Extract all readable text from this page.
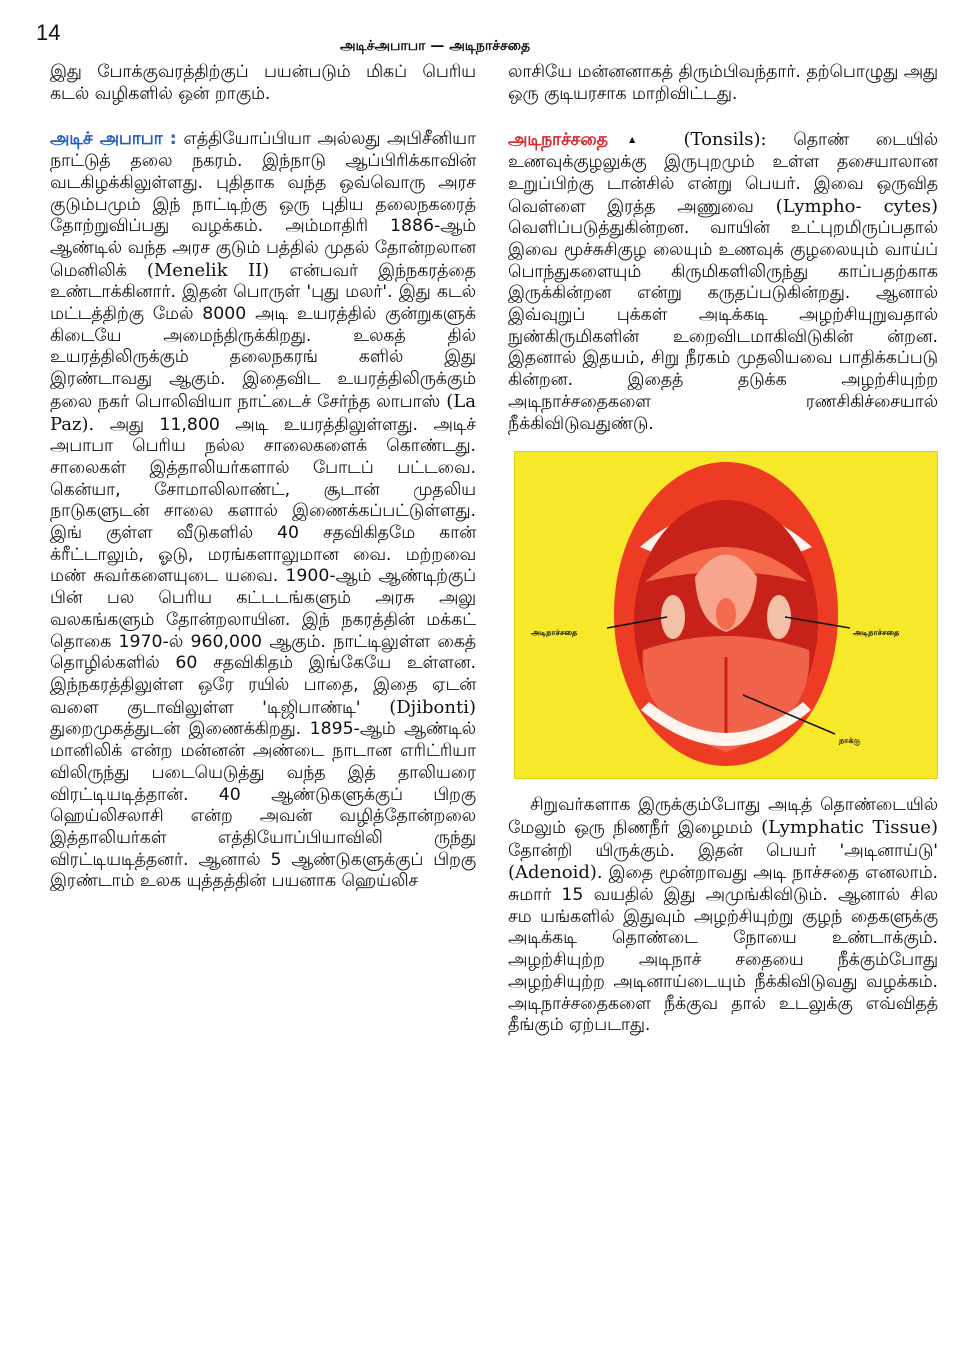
14
அடிச்அபாபா — அடிநாச்சதை

இது போக்குவரத்திற்குப் பயன்படும் மிகப் பெரிய கடல் வழிகளில் ஒன் றாகும்.

அடிச் அபாபா : எத்தியோப்பியா அல்லது அபிசீனியா நாட்டுத் தலை நகரம். இந்நாடு ஆப்பிரிக்காவின் வடகிழக்கிலுள்ளது. புதிதாக வந்த ஒவ்வொரு அரச குடும்பமும் இந் நாட்டிற்கு ஒரு புதிய தலைநகரைத் தோற்றுவிப்பது வழக்கம். அம்மாதிரி 1886-ஆம் ஆண்டில் வந்த அரச குடும் பத்தில் முதல் தோன்றலான மெனிலிக் (Menelik II) என்பவர் இந்நகரத்தை உண்டாக்கினார். இதன் பொருள் 'புது மலர்'. இது கடல் மட்டத்திற்கு மேல் 8000 அடி உயரத்தில் குன்றுகளுக் கிடையே அமைந்திருக்கிறது. உலகத் தில் உயரத்திலிருக்கும் தலைநகரங் களில் இது இரண்டாவது ஆகும். இதைவிட உயரத்திலிருக்கும் தலை நகர் பொலிவியா நாட்டைச் சேர்ந்த லாபாஸ் (La Paz). அது 11,800 அடி உயரத்திலுள்ளது. அடிச் அபாபா பெரிய நல்ல சாலைகளைக் கொண்டது. சாலைகள் இத்தாலியர்களால் போடப் பட்டவை. கென்யா, சோமாலிலாண்ட், சூடான் முதலிய நாடுகளுடன் சாலை களால் இணைக்கப்பட்டுள்ளது. இங் குள்ள வீடுகளில் 40 சதவிகிதமே கான் க்ரீட்டாலும், ஓடு, மரங்களாலுமான வை. மற்றவை மண் சுவர்களையுடை யவை. 1900-ஆம் ஆண்டிற்குப் பின் பல பெரிய கட்டடங்களும் அரசு அலு வலகங்களும் தோன்றலாயின. இந் நகரத்தின் மக்கட் தொகை 1970-ல் 960,000 ஆகும். நாட்டிலுள்ள கைத் தொழில்களில் 60 சதவிகிதம் இங்கேயே உள்ளன. இந்நகரத்திலுள்ள ஒரே ரயில் பாதை, இதை ஏடன் வளை குடாவிலுள்ள 'டிஜிபாண்டி' (Djibonti) துறைமுகத்துடன் இணைக்கிறது. 1895-ஆம் ஆண்டில் மானிலிக் என்ற மன்னன் அண்டை நாடான எரிட்ரியா விலிருந்து படையெடுத்து வந்த இத் தாலியரை விரட்டியடித்தான். 40 ஆண்டுகளுக்குப் பிறகு ஹெய்லிசலாசி என்ற அவன் வழித்தோன்றலை இத்தாலியர்கள் எத்தியோப்பியாவிலி ருந்து விரட்டியடித்தனர். ஆனால் 5 ஆண்டுகளுக்குப் பிறகு இரண்டாம் உலக யுத்தத்தின் பயனாக ஹெய்லிச

லாசியே மன்னனாகத் திரும்பிவந்தார். தற்பொழுது அது ஒரு குடியரசாக மாறிவிட்டது.

அடிநாச்சதை▲ (Tonsils): தொண் டையில் உணவுக்குழலுக்கு இருபுறமும் உள்ள தசையாலான உறுப்பிற்கு டான்சில் என்று பெயர். இவை ஒருவித வெள்ளை இரத்த அணுவை (Lympho- cytes) வெளிப்படுத்துகின்றன. வாயின் உட்புறமிருப்பதால் இவை மூச்சுசிகுழ லையும் உணவுக் குழலையும் வாய்ப் பொந்துகளையும் கிருமிகளிலிருந்து காப்பதற்காக இருக்கின்றன என்று கருதப்படுகின்றது. ஆனால் இவ்வுறுப் புக்கள் அடிக்கடி அழற்சியுறுவதால் நுண்கிருமிகளின் உறைவிடமாகிவிடுகின் ன்றன. இதனால் இதயம், சிறு நீரகம் முதலியவை பாதிக்கப்படு கின்றன. இதைத் தடுக்க அழற்சியுற்ற அடிநாச்சதைகளை ரணசிகிச்சையால் நீக்கிவிடுவதுண்டு.

அடிநாச்சதை	அடிநாச்சதை
நாக்கு

சிறுவர்களாக இருக்கும்போது அடித் தொண்டையில் மேலும் ஒரு நிணநீர் இழைமம் (Lymphatic Tissue) தோன்றி யிருக்கும். இதன் பெயர் 'அடினாய்டு' (Adenoid). இதை மூன்றாவது அடி நாச்சதை எனலாம். சுமார் 15 வயதில் இது அமுங்கிவிடும். ஆனால் சில சம யங்களில் இதுவும் அழற்சியுற்று குழந் தைகளுக்கு அடிக்கடி தொண்டை நோயை உண்டாக்கும். அழற்சியுற்ற அடிநாச் சதையை நீக்கும்போது அழற்சியுற்ற அடினாய்டையும் நீக்கிவிடுவது வழக்கம். அடிநாச்சதைகளை நீக்குவ தால் உடலுக்கு எவ்விதத் தீங்கும் ஏற்படாது.
